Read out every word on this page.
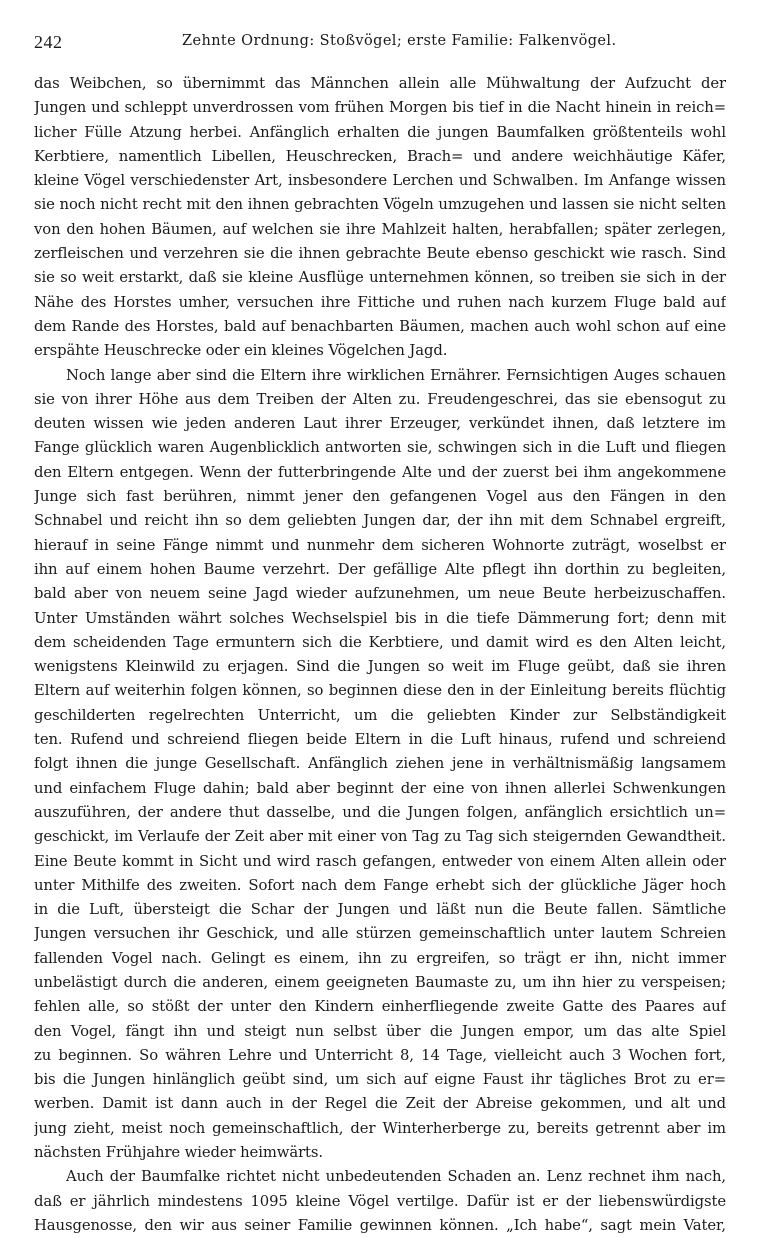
242	Zehnte Ordnung: Stoßvögel; erste Familie: Falkenvögel.
das Weibchen, so übernimmt das Männchen allein alle Mühwaltung der Aufzucht der
Jungen und schleppt unverdrossen vom frühen Morgen bis tief in die Nacht hinein in reich=
licher Fülle Atzung herbei. Anfänglich erhalten die jungen Baumfalken größtenteils wohl
Kerbtiere, namentlich Libellen, Heuschrecken, Brach= und andere weichhäutige Käfer,
kleine Vögel verschiedenster Art, insbesondere Lerchen und Schwalben. Im Anfange wissen
sie noch nicht recht mit den ihnen gebrachten Vögeln umzugehen und lassen sie nicht selten
von den hohen Bäumen, auf welchen sie ihre Mahlzeit halten, herabfallen; später zerlegen,
zerfleischen und verzehren sie die ihnen gebrachte Beute ebenso geschickt wie rasch. Sind
sie so weit erstarkt, daß sie kleine Ausflüge unternehmen können, so treiben sie sich in der
Nähe des Horstes umher, versuchen ihre Fittiche und ruhen nach kurzem Fluge bald auf
dem Rande des Horstes, bald auf benachbarten Bäumen, machen auch wohl schon auf eine
erspähte Heuschrecke oder ein kleines Vögelchen Jagd.
Noch lange aber sind die Eltern ihre wirklichen Ernährer. Fernsichtigen Auges schauen
sie von ihrer Höhe aus dem Treiben der Alten zu. Freudengeschrei, das sie ebensogut zu
deuten wissen wie jeden anderen Laut ihrer Erzeuger, verkündet ihnen, daß letztere im
Fange glücklich waren Augenblicklich antworten sie, schwingen sich in die Luft und fliegen
den Eltern entgegen. Wenn der futterbringende Alte und der zuerst bei ihm angekommene
Junge sich fast berühren, nimmt jener den gefangenen Vogel aus den Fängen in den
Schnabel und reicht ihn so dem geliebten Jungen dar, der ihn mit dem Schnabel ergreift,
hierauf in seine Fänge nimmt und nunmehr dem sicheren Wohnorte zuträgt, woselbst er
ihn auf einem hohen Baume verzehrt. Der gefällige Alte pflegt ihn dorthin zu begleiten,
bald aber von neuem seine Jagd wieder aufzunehmen, um neue Beute herbeizuschaffen.
Unter Umständen währt solches Wechselspiel bis in die tiefe Dämmerung fort; denn mit
dem scheidenden Tage ermuntern sich die Kerbtiere, und damit wird es den Alten leicht,
wenigstens Kleinwild zu erjagen. Sind die Jungen so weit im Fluge geübt, daß sie ihren
Eltern auf weiterhin folgen können, so beginnen diese den in der Einleitung bereits flüchtig
geschilderten regelrechten Unterricht, um die geliebten Kinder zur Selbständigkeit
ten. Rufend und schreiend fliegen beide Eltern in die Luft hinaus, rufend und schreiend
folgt ihnen die junge Gesellschaft. Anfänglich ziehen jene in verhältnismäßig langsamem
und einfachem Fluge dahin; bald aber beginnt der eine von ihnen allerlei Schwenkungen
auszuführen, der andere thut dasselbe, und die Jungen folgen, anfänglich ersichtlich un=
geschickt, im Verlaufe der Zeit aber mit einer von Tag zu Tag sich steigernden Gewandtheit.
Eine Beute kommt in Sicht und wird rasch gefangen, entweder von einem Alten allein oder
unter Mithilfe des zweiten. Sofort nach dem Fange erhebt sich der glückliche Jäger hoch
in die Luft, übersteigt die Schar der Jungen und läßt nun die Beute fallen. Sämtliche
Jungen versuchen ihr Geschick, und alle stürzen gemeinschaftlich unter lautem Schreien
fallenden Vogel nach. Gelingt es einem, ihn zu ergreifen, so trägt er ihn, nicht immer
unbelästigt durch die anderen, einem geeigneten Baumaste zu, um ihn hier zu verspeisen;
fehlen alle, so stößt der unter den Kindern einherfliegende zweite Gatte des Paares auf
den Vogel, fängt ihn und steigt nun selbst über die Jungen empor, um das alte Spiel
zu beginnen. So währen Lehre und Unterricht 8, 14 Tage, vielleicht auch 3 Wochen fort,
bis die Jungen hinlänglich geübt sind, um sich auf eigne Faust ihr tägliches Brot zu er=
werben. Damit ist dann auch in der Regel die Zeit der Abreise gekommen, und alt und
jung zieht, meist noch gemeinschaftlich, der Winterherberge zu, bereits getrennt aber im
nächsten Frühjahre wieder heimwärts.
Auch der Baumfalke richtet nicht unbedeutenden Schaden an. Lenz rechnet ihm nach,
daß er jährlich mindestens 1095 kleine Vögel vertilge. Dafür ist er der liebenswürdigste
Hausgenosse, den wir aus seiner Familie gewinnen können. „Ich habe“, sagt mein Vater,
